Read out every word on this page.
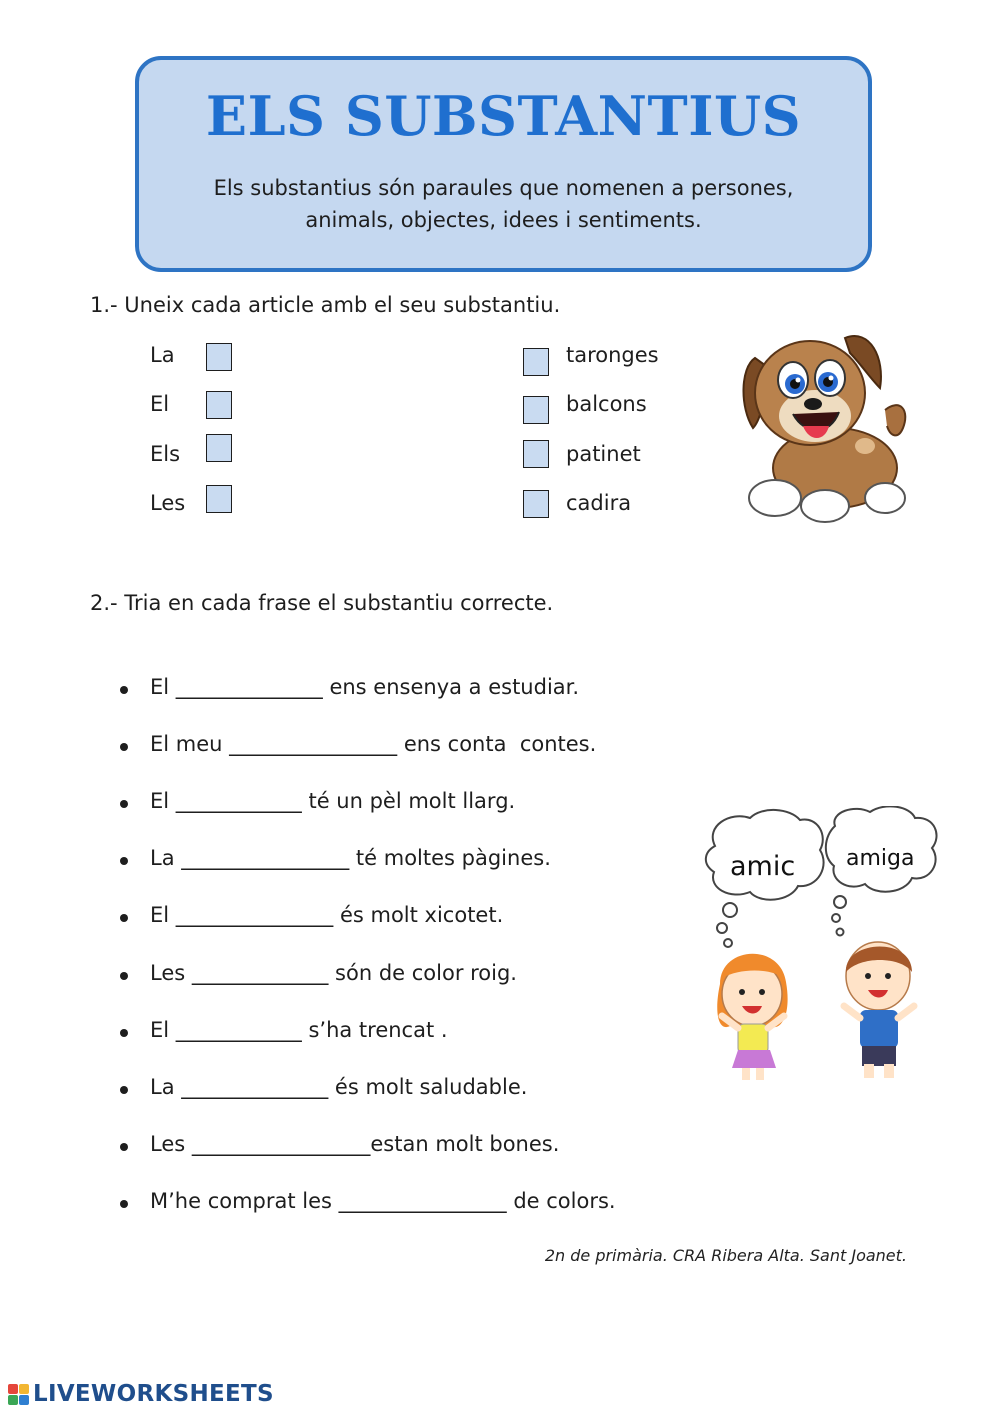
ELS SUBSTANTIUS
Els substantius són paraules que nomenen a persones,
animals, objectes, idees i sentiments.
1.- Uneix cada article amb el seu substantiu.
La
El
Els
Les
taronges
balcons
patinet
cadira
2.- Tria en cada frase el substantiu correcte.
El ______________ ens ensenya a estudiar.
El meu ________________ ens conta  contes.
El ____________ té un pèl molt llarg.
La ________________ té moltes pàgines.
El _______________ és molt xicotet.
Les _____________ són de color roig.
El ____________ s’ha trencat .
La ______________ és molt saludable.
Les _________________estan molt bones.
M’he comprat les ________________ de colors.
amic amiga
2n de primària. CRA Ribera Alta. Sant Joanet.
LIVEWORKSHEETS
